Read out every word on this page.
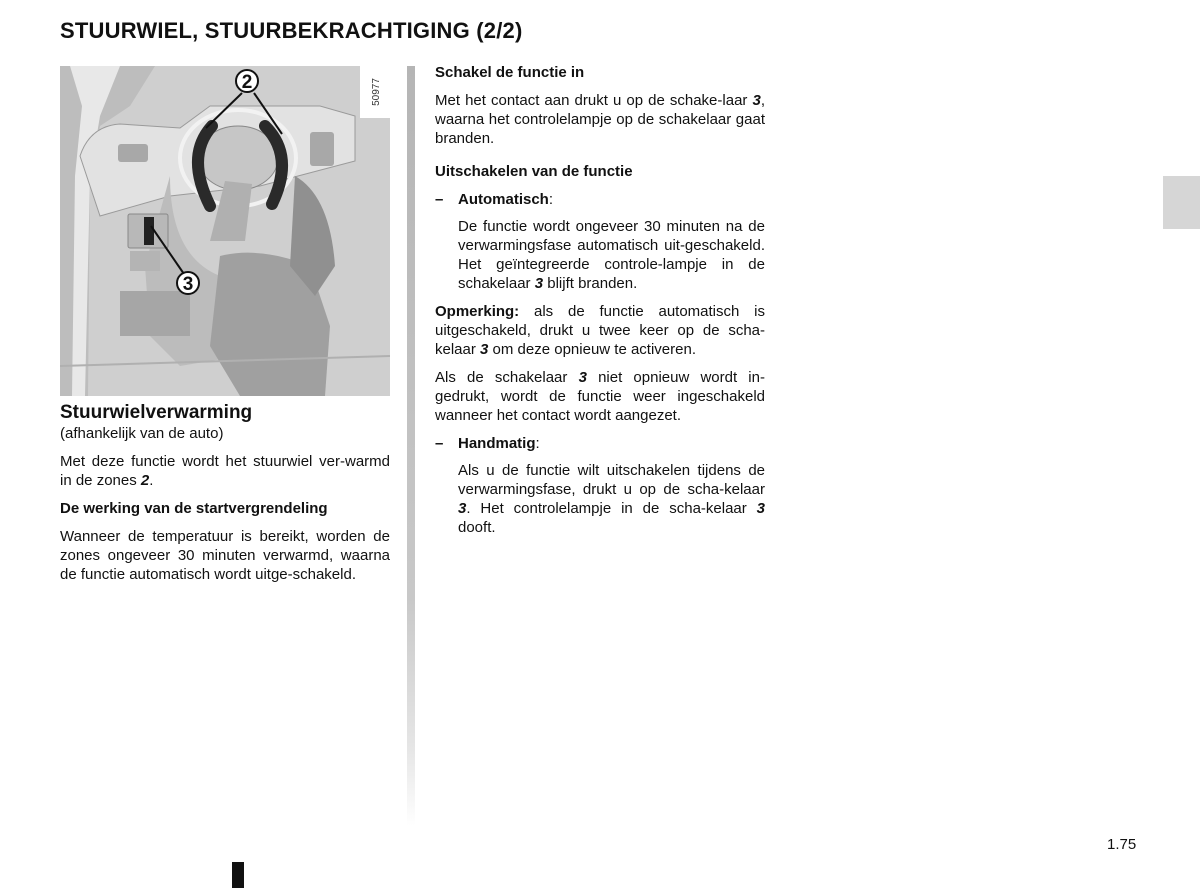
STUURWIEL, STUURBEKRACHTIGING (2/2)
2
3
50977
Stuurwielverwarming
(afhankelijk van de auto)

Met deze functie wordt het stuurwiel ver-warmd in de zones 2.

De werking van de startvergrendeling

Wanneer de temperatuur is bereikt, worden de zones ongeveer 30 minuten verwarmd, waarna de functie automatisch wordt uitge-schakeld.

Schakel de functie in

Met het contact aan drukt u op de schake-laar 3, waarna het controlelampje op de schakelaar gaat branden.

Uitschakelen van de functie
– Automatisch:

De functie wordt ongeveer 30 minuten na de verwarmingsfase automatisch uit-geschakeld. Het geïntegreerde controle-lampje in de schakelaar 3 blijft branden.

Opmerking: als de functie automatisch is uitgeschakeld, drukt u twee keer op de scha-kelaar 3 om deze opnieuw te activeren.

Als de schakelaar 3 niet opnieuw wordt in-gedrukt, wordt de functie weer ingeschakeld wanneer het contact wordt aangezet.

– Handmatig:

Als u de functie wilt uitschakelen tijdens de verwarmingsfase, drukt u op de scha-kelaar 3. Het controlelampje in de scha-kelaar 3 dooft.

1.75
